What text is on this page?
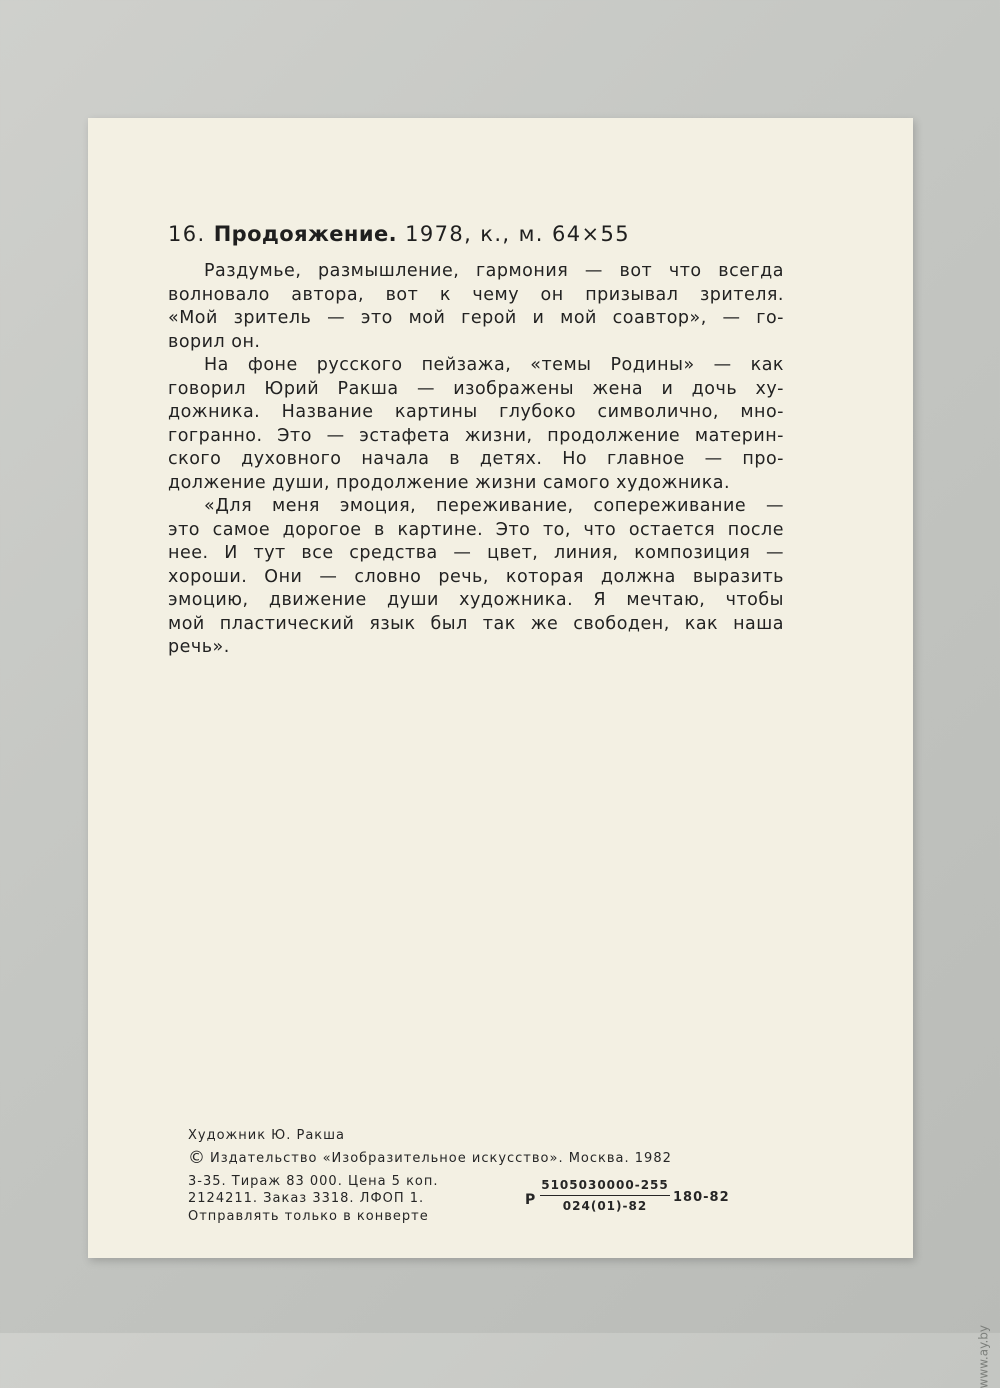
www.ay.by
16. Продояжение. 1978, к., м. 64×55

Раздумье, размышление, гармония — вот что всегда
волновало автора, вот к чему он призывал зрителя.
«Мой зритель — это мой герой и мой соавтор», — го-
ворил он.

На фоне русского пейзажа, «темы Родины» — как
говорил Юрий Ракша — изображены жена и дочь ху-
дожника. Название картины глубоко символично, мно-
гогранно. Это — эстафета жизни, продолжение материн-
ского духовного начала в детях. Но главное — про-
должение души, продолжение жизни самого художника.

«Для меня эмоция, переживание, сопереживание —
это самое дорогое в картине. Это то, что остается после
нее. И тут все средства — цвет, линия, композиция —
хороши. Они — словно речь, которая должна выразить
эмоцию, движение души художника. Я мечтаю, чтобы
мой пластический язык был так же свободен, как наша
речь».

Художник Ю. Ракша
© Издательство «Изобразительное искусство». Москва. 1982
3-35. Тираж 83 000. Цена 5 коп.
2124211. Заказ 3318. ЛФОП 1.
Отправлять только в конверте
Р $\frac{5105030000-255}{024(01)-82} 180-82$
